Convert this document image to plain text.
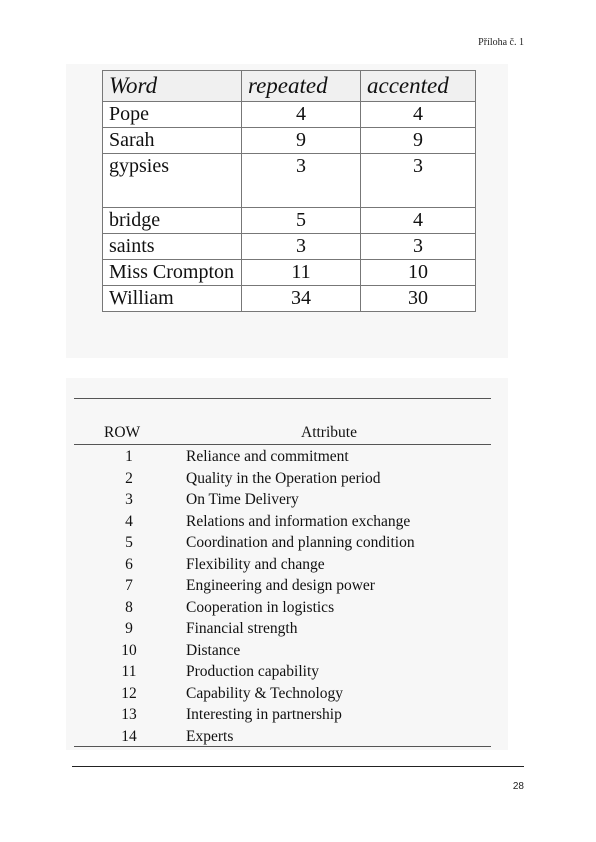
Příloha č. 1
Word	repeated	accented
Pope	4	4
Sarah	9	9
gypsies	3	3
bridge	5	4
saints	3	3
Miss Crompton	11	10
William	34	30
ROW	Attribute
1	Reliance and commitment
2	Quality in the Operation period
3	On Time Delivery
4	Relations and information exchange
5	Coordination and planning condition
6	Flexibility and change
7	Engineering and design power
8	Cooperation in logistics
9	Financial strength
10	Distance
11	Production capability
12	Capability & Technology
13	Interesting in partnership
14	Experts
28
